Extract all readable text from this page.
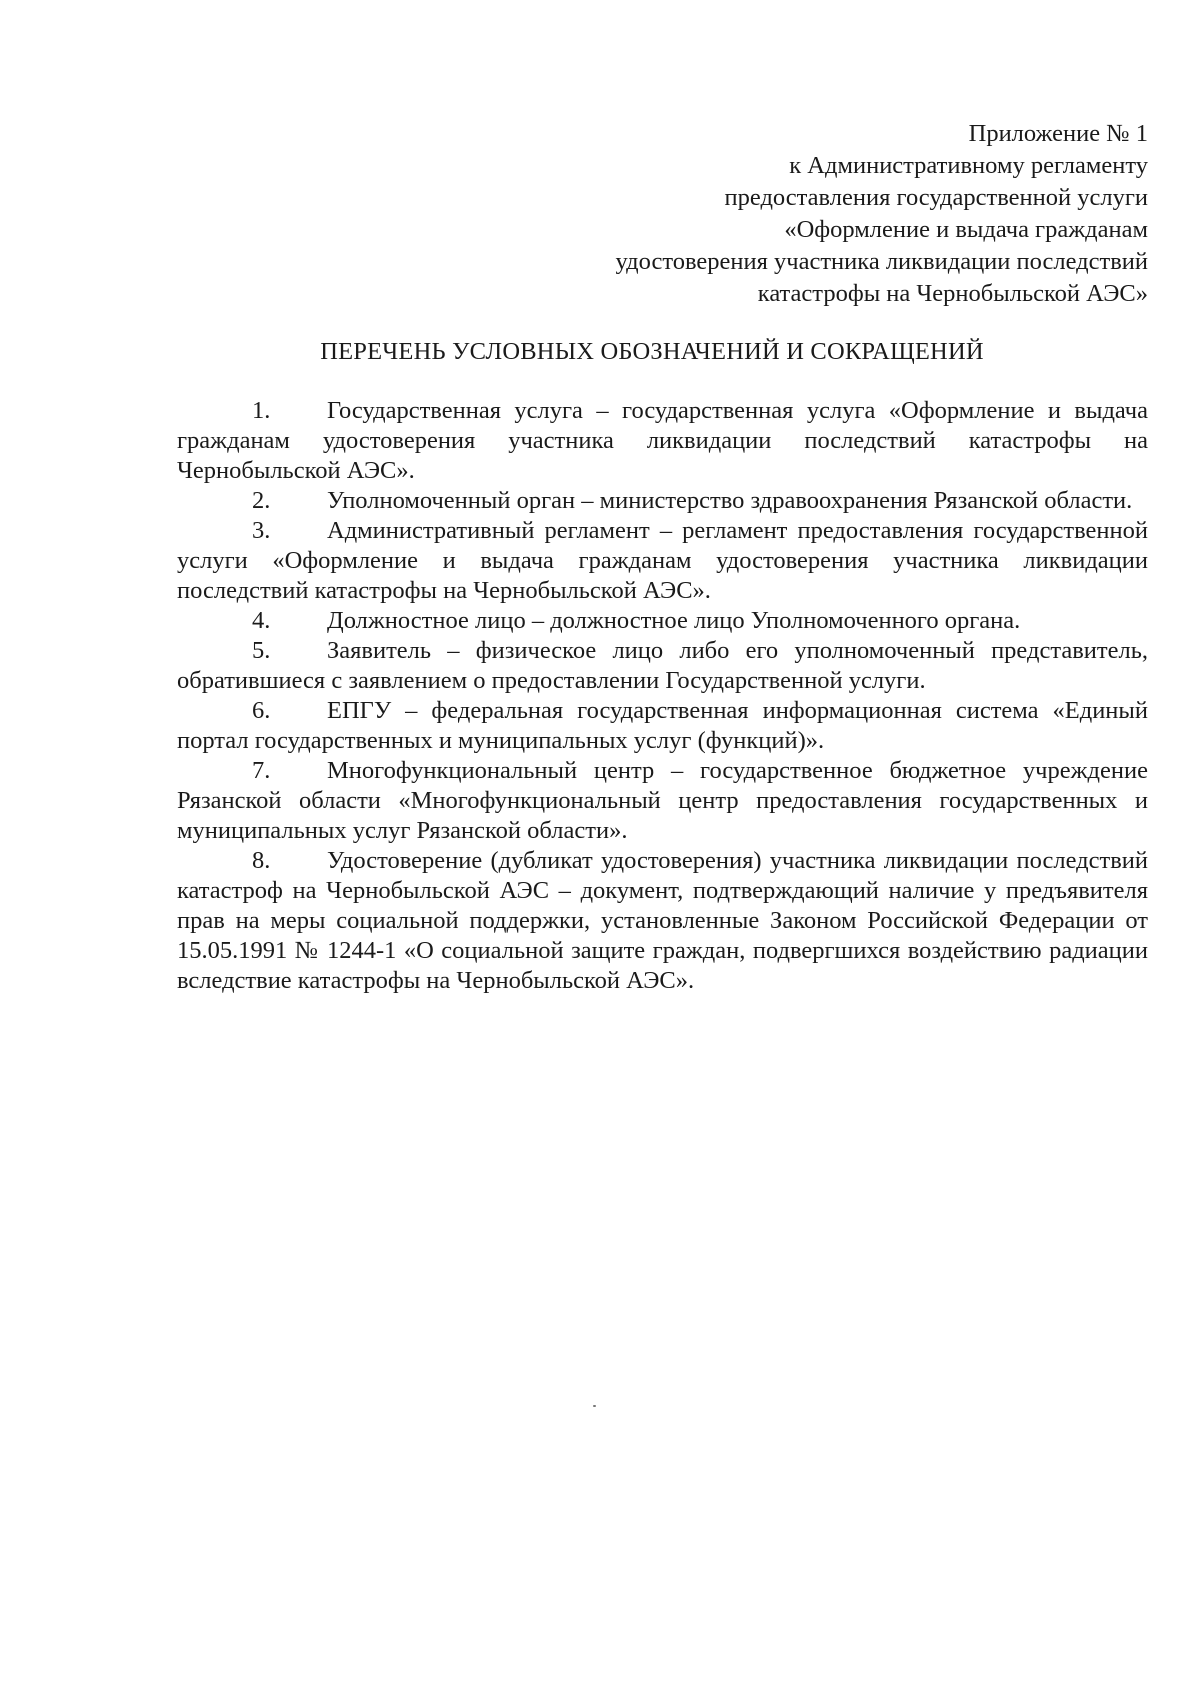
Приложение № 1
к Административному регламенту
предоставления государственной услуги
«Оформление и выдача гражданам
удостоверения участника ликвидации последствий
катастрофы на Чернобыльской АЭС»
ПЕРЕЧЕНЬ УСЛОВНЫХ ОБОЗНАЧЕНИЙ И СОКРАЩЕНИЙ
1. Государственная услуга – государственная услуга «Оформление и выдача гражданам удостоверения участника ликвидации последствий катастрофы на Чернобыльской АЭС».
2. Уполномоченный орган – министерство здравоохранения Рязанской области.
3. Административный регламент – регламент предоставления государственной услуги «Оформление и выдача гражданам удостоверения участника ликвидации последствий катастрофы на Чернобыльской АЭС».
4. Должностное лицо – должностное лицо Уполномоченного органа.
5. Заявитель – физическое лицо либо его уполномоченный представитель, обратившиеся с заявлением о предоставлении Государственной услуги.
6. ЕПГУ – федеральная государственная информационная система «Единый портал государственных и муниципальных услуг (функций)».
7. Многофункциональный центр – государственное бюджетное учреждение Рязанской области «Многофункциональный центр предоставления государственных и муниципальных услуг Рязанской области».
8. Удостоверение (дубликат удостоверения) участника ликвидации последствий катастроф на Чернобыльской АЭС – документ, подтверждающий наличие у предъявителя прав на меры социальной поддержки, установленные Законом Российской Федерации от 15.05.1991 № 1244-1 «О социальной защите граждан, подвергшихся воздействию радиации вследствие катастрофы на Чернобыльской АЭС».
